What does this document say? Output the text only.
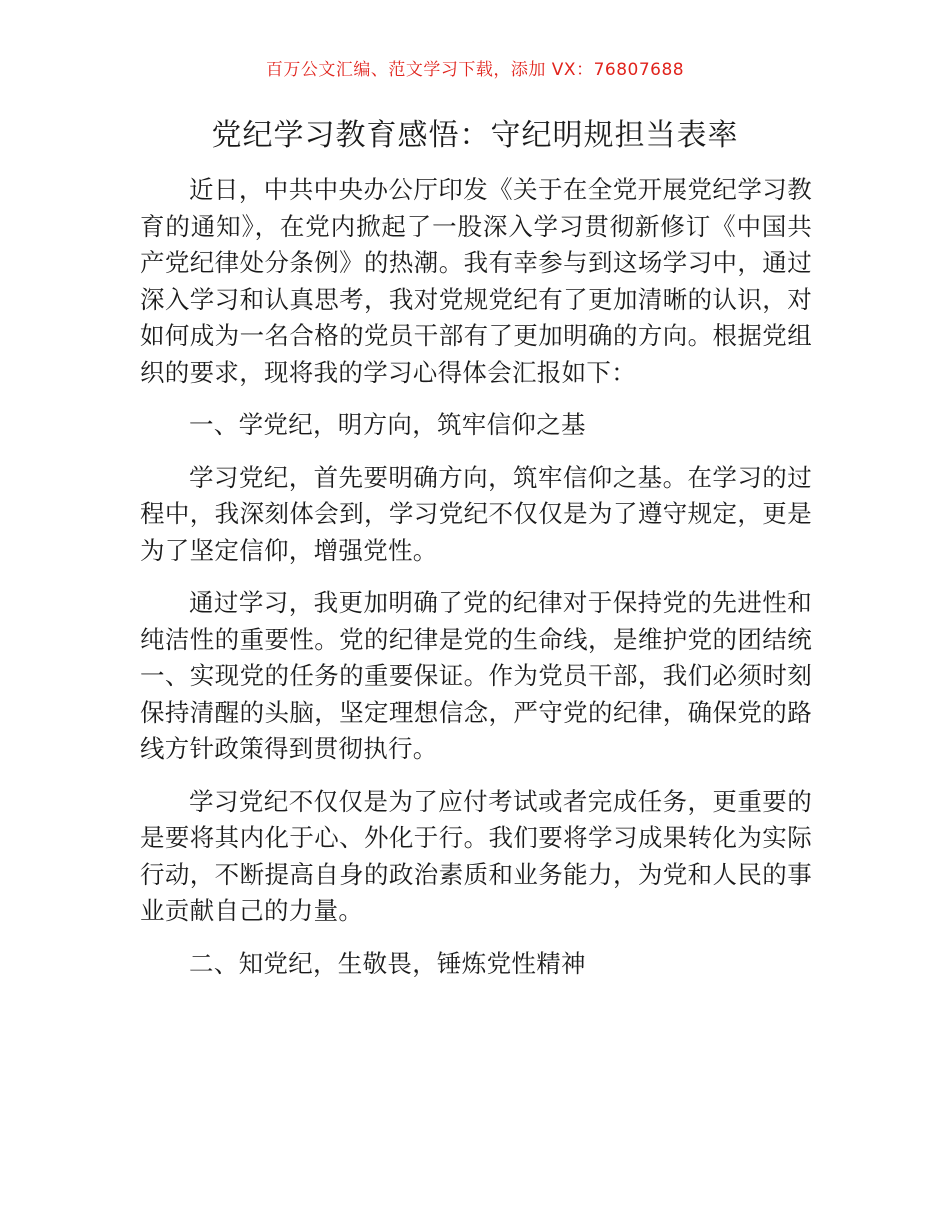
百万公文汇编、范文学习下载，添加 VX：76807688
党纪学习教育感悟：守纪明规担当表率

近日，中共中央办公厅印发《关于在全党开展党纪学习教育的通知》，在党内掀起了一股深入学习贯彻新修订《中国共产党纪律处分条例》的热潮。我有幸参与到这场学习中，通过深入学习和认真思考，我对党规党纪有了更加清晰的认识，对如何成为一名合格的党员干部有了更加明确的方向。根据党组织的要求，现将我的学习心得体会汇报如下：

一、学党纪，明方向，筑牢信仰之基

学习党纪，首先要明确方向，筑牢信仰之基。在学习的过程中，我深刻体会到，学习党纪不仅仅是为了遵守规定，更是为了坚定信仰，增强党性。

通过学习，我更加明确了党的纪律对于保持党的先进性和纯洁性的重要性。党的纪律是党的生命线，是维护党的团结统一、实现党的任务的重要保证。作为党员干部，我们必须时刻保持清醒的头脑，坚定理想信念，严守党的纪律，确保党的路线方针政策得到贯彻执行。

学习党纪不仅仅是为了应付考试或者完成任务，更重要的是要将其内化于心、外化于行。我们要将学习成果转化为实际行动，不断提高自身的政治素质和业务能力，为党和人民的事业贡献自己的力量。

二、知党纪，生敬畏，锤炼党性精神
